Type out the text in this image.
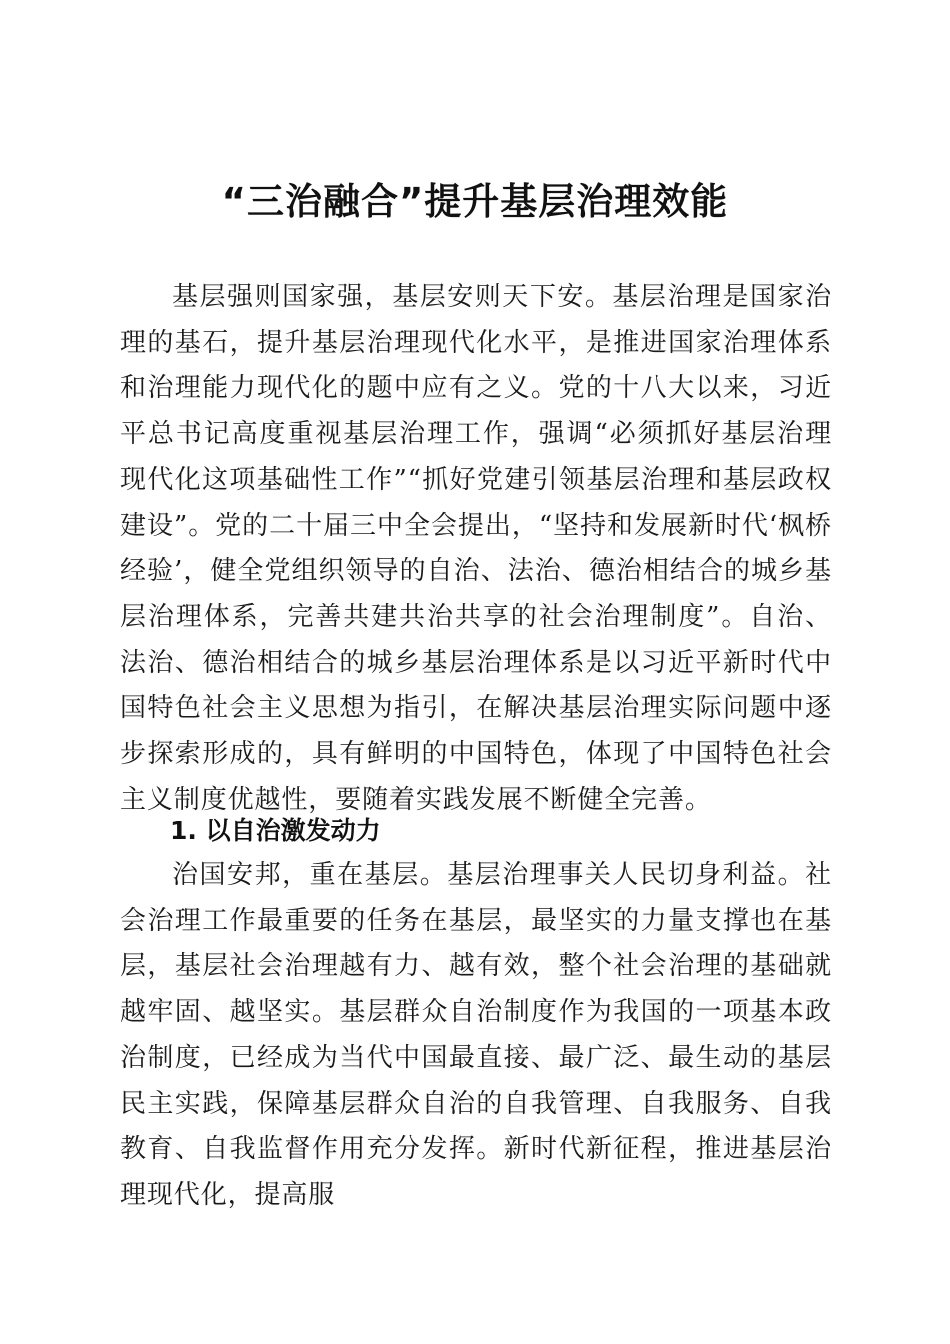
“三治融合”提升基层治理效能

基层强则国家强，基层安则天下安。基层治理是国家治理的基石，提升基层治理现代化水平，是推进国家治理体系和治理能力现代化的题中应有之义。党的十八大以来，习近平总书记高度重视基层治理工作，强调“必须抓好基层治理现代化这项基础性工作”“抓好党建引领基层治理和基层政权建设”。党的二十届三中全会提出，“坚持和发展新时代‘枫桥经验’，健全党组织领导的自治、法治、德治相结合的城乡基层治理体系，完善共建共治共享的社会治理制度”。自治、法治、德治相结合的城乡基层治理体系是以习近平新时代中国特色社会主义思想为指引，在解决基层治理实际问题中逐步探索形成的，具有鲜明的中国特色，体现了中国特色社会主义制度优越性，要随着实践发展不断健全完善。

1. 以自治激发动力

治国安邦，重在基层。基层治理事关人民切身利益。社会治理工作最重要的任务在基层，最坚实的力量支撑也在基层，基层社会治理越有力、越有效，整个社会治理的基础就越牢固、越坚实。基层群众自治制度作为我国的一项基本政治制度，已经成为当代中国最直接、最广泛、最生动的基层民主实践，保障基层群众自治的自我管理、自我服务、自我教育、自我监督作用充分发挥。新时代新征程，推进基层治理现代化，提高服
